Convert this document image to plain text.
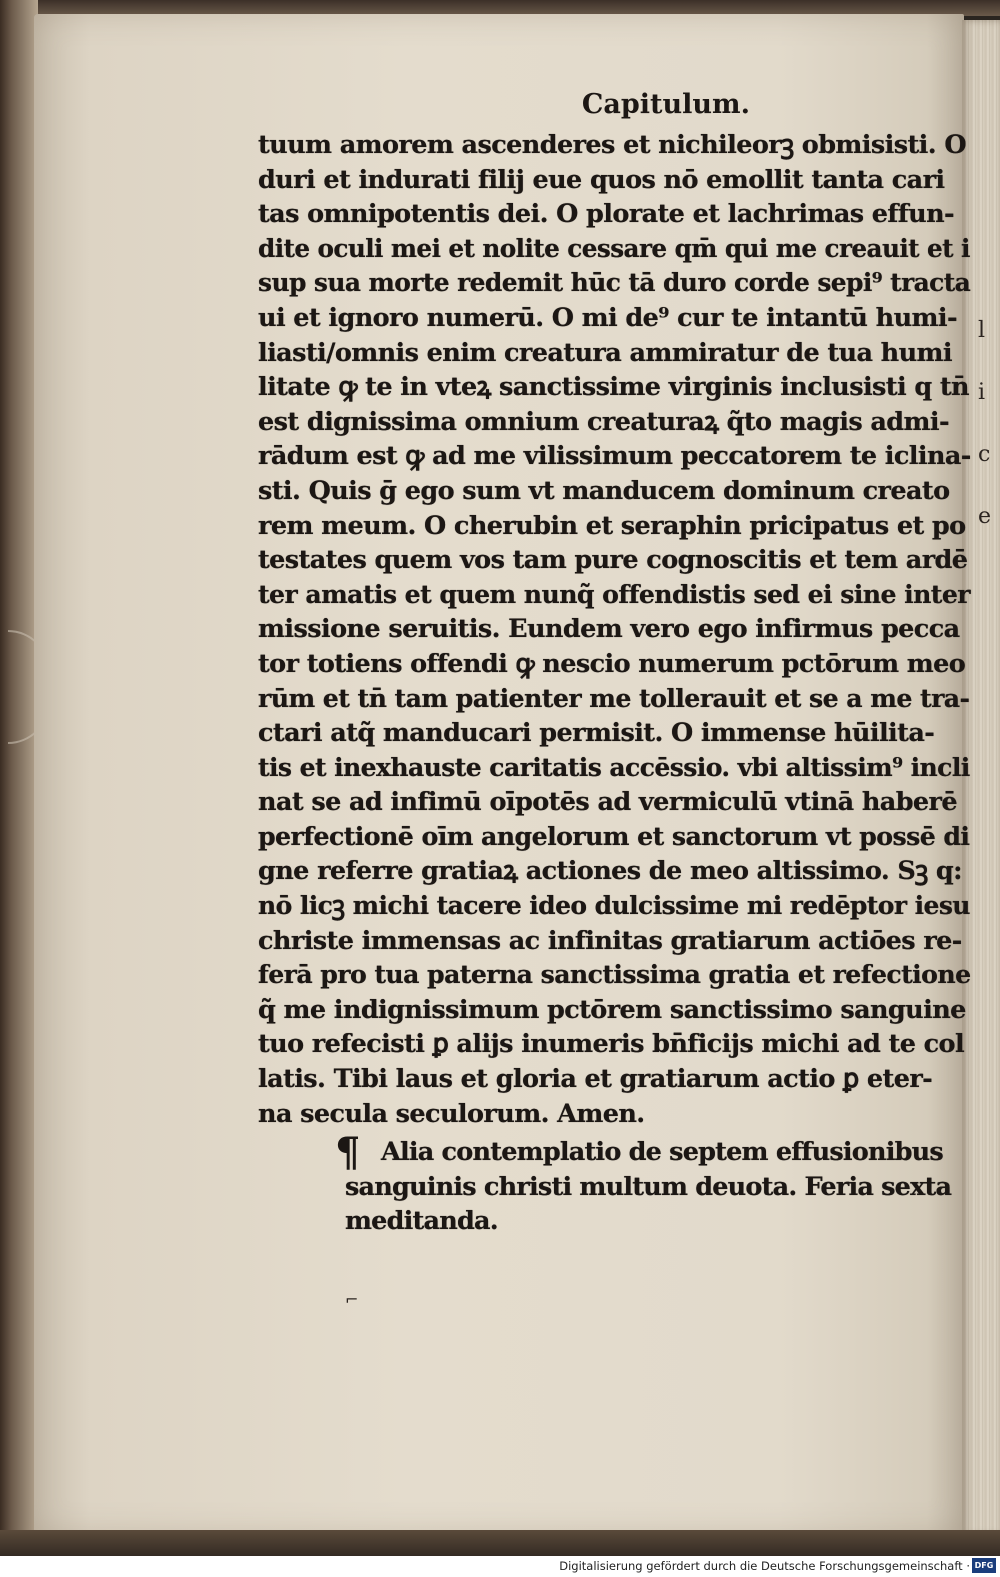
l
i
c
e
Capitulum.
tuum amorem ascenderes et nichileorꝫ obmisisti. O
duri et indurati filij eue quos nō emollit tanta cari
tas omnipotentis dei. O plorate et lachrimas effun-
dite oculi mei et nolite cessare qm̄ qui me creauit et i
sup sua morte redemit hūc tā duro corde sepi⁹ tracta
ui et ignoro numerū. O mi de⁹ cur te intantū humi-
liasti/omnis enim creatura ammiratur de tua humi
litate ꝙ te in vteꝝ sanctissime virginis inclusisti q tn̄
est dignissima omnium creaturaꝝ q̃to magis admi-
rādum est ꝙ ad me vilissimum peccatorem te iclina-
sti. Quis ḡ ego sum vt manducem dominum creato
rem meum. O cherubin et seraphin pricipatus et po
testates quem vos tam pure cognoscitis et tem ardē
ter amatis et quem nunq̃ offendistis sed ei sine inter
missione seruitis. Eundem vero ego infirmus pecca
tor totiens offendi ꝙ nescio numerum pctōrum meo
rūm et tn̄ tam patienter me tollerauit et se a me tra-
ctari atq̃ manducari permisit. O immense hūilita-
tis et inexhauste caritatis accēssio. vbi altissim⁹ incli
nat se ad infimū oīpotēs ad vermiculū vtinā haberē
perfectionē oīm angelorum et sanctorum vt possē di
gne referre gratiaꝝ actiones de meo altissimo. Sꝫ q:
nō licꝫ michi tacere ideo dulcissime mi redēptor iesu
christe immensas ac infinitas gratiarum actiōes re-
ferā pro tua paterna sanctissima gratia et refectione
q̃ me indignissimum pctōrem sanctissimo sanguine
tuo refecisti ꝑ alijs inumeris bn̄ficijs michi ad te col
latis. Tibi laus et gloria et gratiarum actio ꝑ eter-
na secula seculorum. Amen.
¶ Alia contemplatio de septem effusionibus
sanguinis christi multum deuota. Feria sexta
meditanda.
⌐
Digitalisierung gefördert durch die Deutsche Forschungsgemeinschaft · DFG
